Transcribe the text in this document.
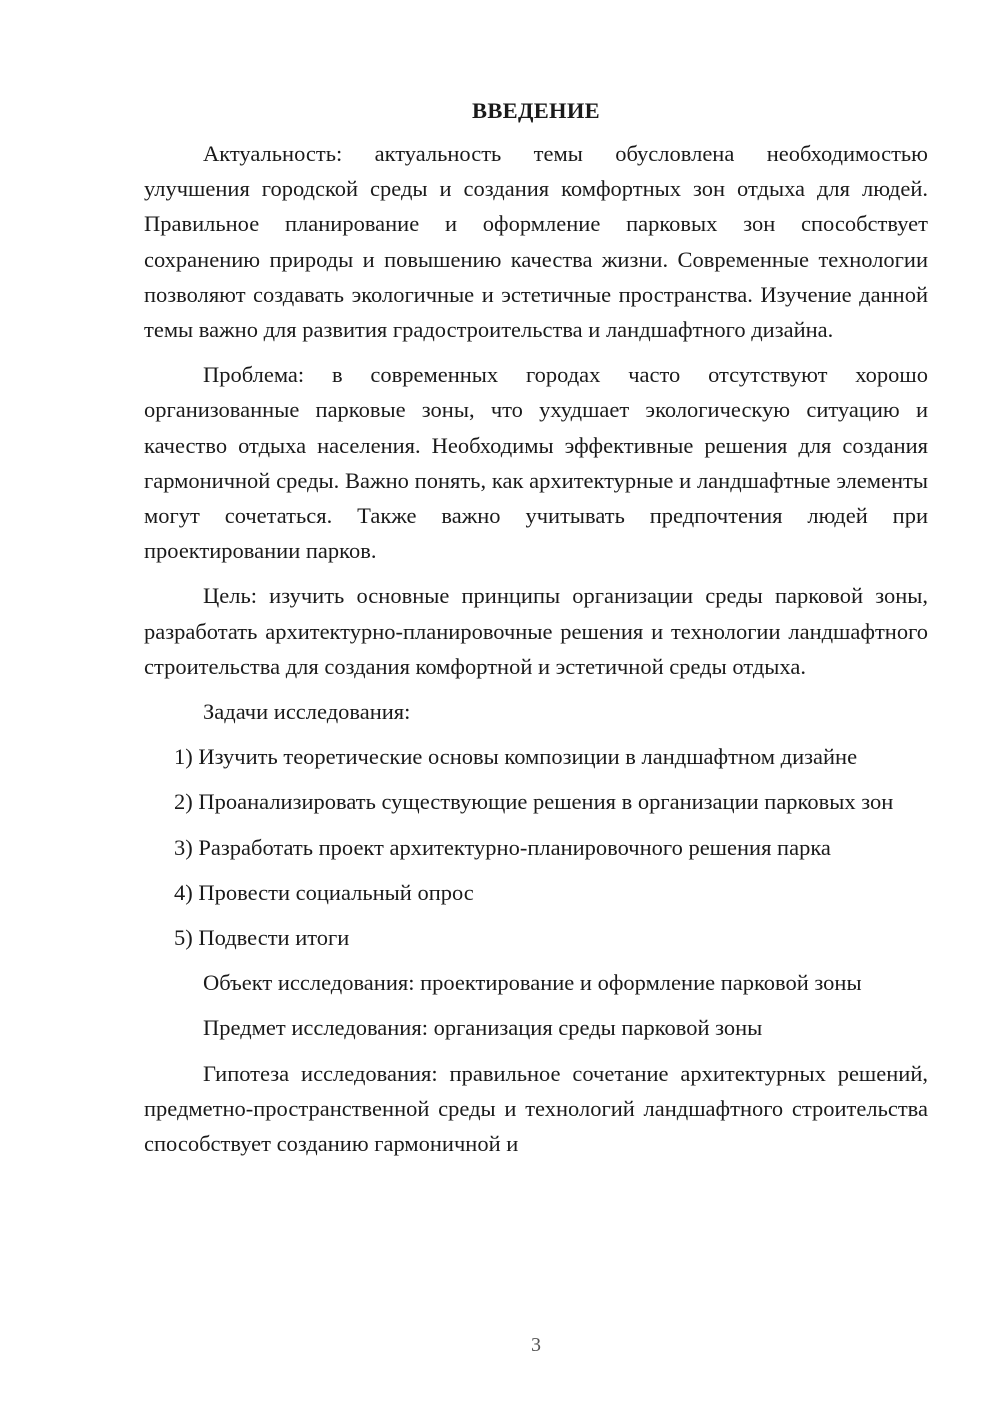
ВВЕДЕНИЕ

Актуальность: актуальность темы обусловлена необходимостью улучшения городской среды и создания комфортных зон отдыха для людей. Правильное планирование и оформление парковых зон способствует сохранению природы и повышению качества жизни. Современные технологии позволяют создавать экологичные и эстетичные пространства. Изучение данной темы важно для развития градостроительства и ландшафтного дизайна.

Проблема: в современных городах часто отсутствуют хорошо организованные парковые зоны, что ухудшает экологическую ситуацию и качество отдыха населения. Необходимы эффективные решения для создания гармоничной среды. Важно понять, как архитектурные и ландшафтные элементы могут сочетаться. Также важно учитывать предпочтения людей при проектировании парков.

Цель: изучить основные принципы организации среды парковой зоны, разработать архитектурно-планировочные решения и технологии ландшафтного строительства для создания комфортной и эстетичной среды отдыха.

Задачи исследования:

1) Изучить теоретические основы композиции в ландшафтном дизайне

2) Проанализировать существующие решения в организации парковых зон

3) Разработать проект архитектурно-планировочного решения парка

4) Провести социальный опрос

5) Подвести итоги

Объект исследования: проектирование и оформление парковой зоны

Предмет исследования: организация среды парковой зоны

Гипотеза исследования: правильное сочетание архитектурных решений, предметно-пространственной среды и технологий ландшафтного строительства способствует созданию гармоничной и

3
